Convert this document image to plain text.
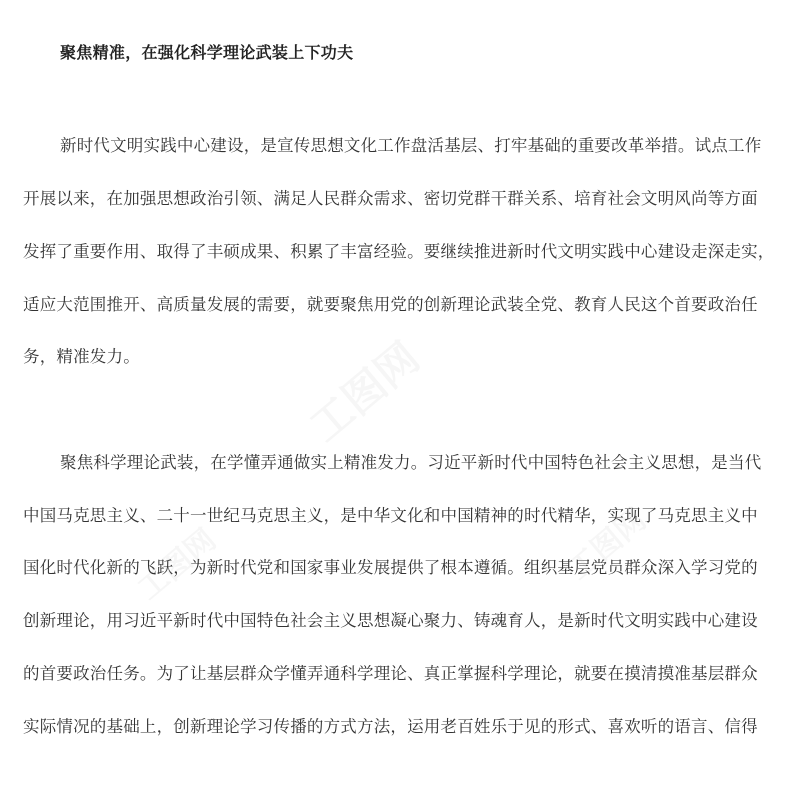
聚焦精准，在强化科学理论武装上下功夫
新时代文明实践中心建设，是宣传思想文化工作盘活基层、打牢基础的重要改革举措。试点工作
开展以来，在加强思想政治引领、满足人民群众需求、密切党群干群关系、培育社会文明风尚等方面
发挥了重要作用、取得了丰硕成果、积累了丰富经验。要继续推进新时代文明实践中心建设走深走实，
适应大范围推开、高质量发展的需要，就要聚焦用党的创新理论武装全党、教育人民这个首要政治任
务，精准发力。
聚焦科学理论武装，在学懂弄通做实上精准发力。习近平新时代中国特色社会主义思想，是当代
中国马克思主义、二十一世纪马克思主义，是中华文化和中国精神的时代精华，实现了马克思主义中
国化时代化新的飞跃，为新时代党和国家事业发展提供了根本遵循。组织基层党员群众深入学习党的
创新理论，用习近平新时代中国特色社会主义思想凝心聚力、铸魂育人，是新时代文明实践中心建设
的首要政治任务。为了让基层群众学懂弄通科学理论、真正掌握科学理论，就要在摸清摸准基层群众
实际情况的基础上，创新理论学习传播的方式方法，运用老百姓乐于见的形式、喜欢听的语言、信得
工图网
工图网	工图网
